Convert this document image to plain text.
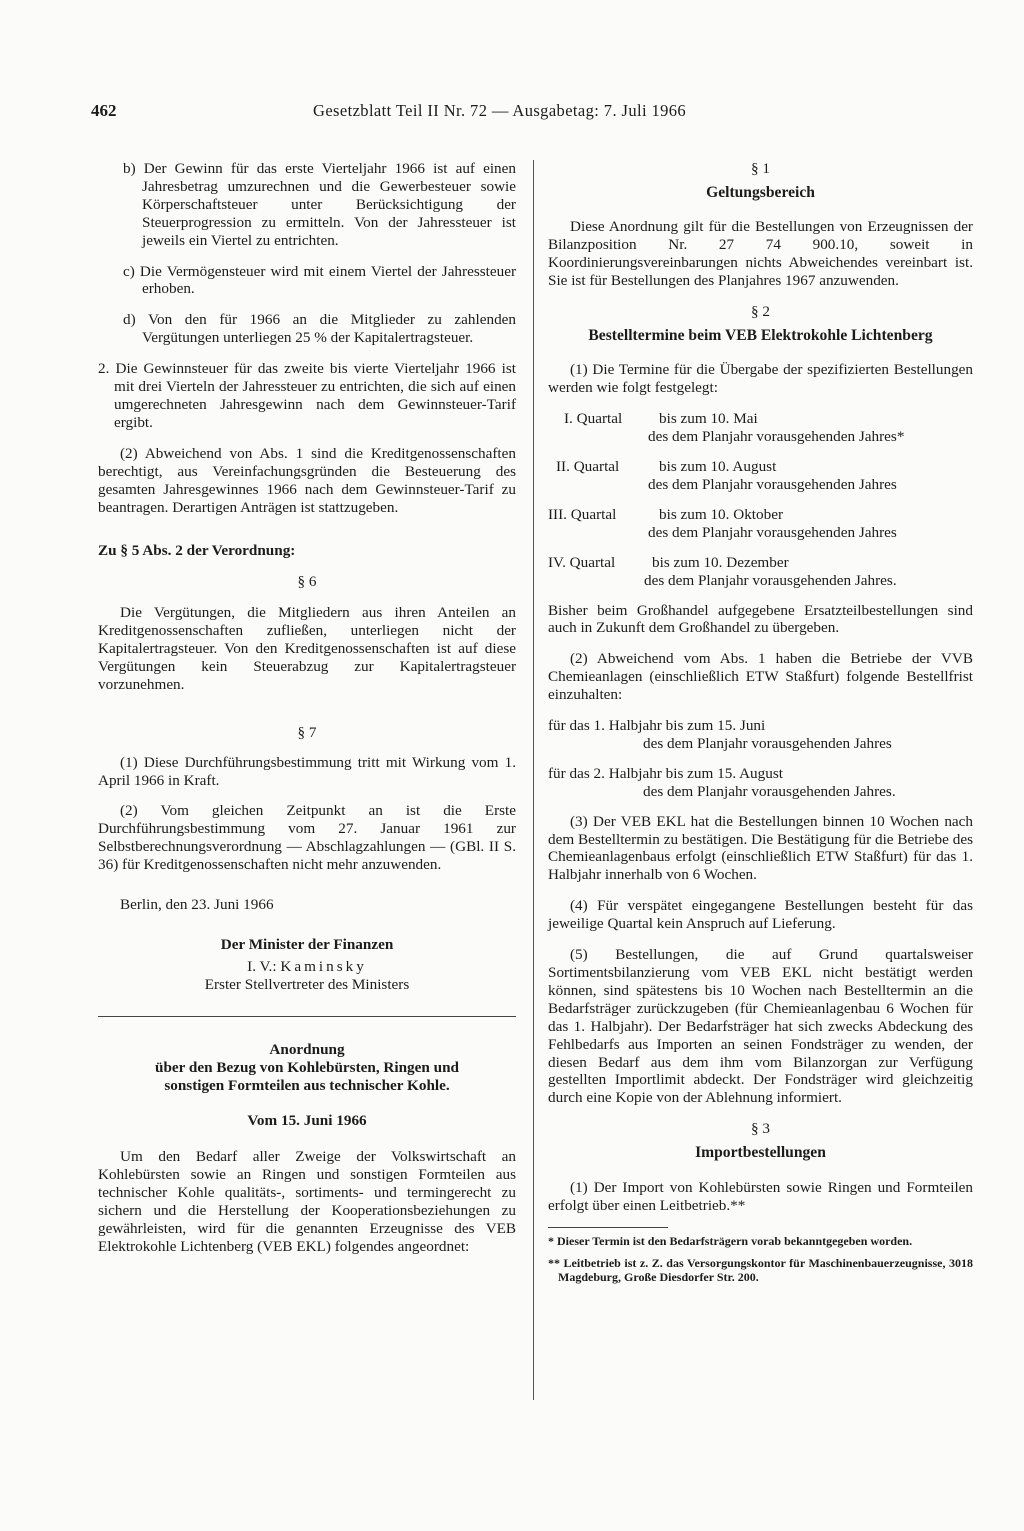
462	Gesetzblatt Teil II Nr. 72 — Ausgabetag: 7. Juli 1966

b) Der Gewinn für das erste Vierteljahr 1966 ist auf einen Jahresbetrag umzurechnen und die Gewerbesteuer sowie Körperschaftsteuer unter Berücksichtigung der Steuerprogression zu ermitteln. Von der Jahressteuer ist jeweils ein Viertel zu entrichten.

c) Die Vermögensteuer wird mit einem Viertel der Jahressteuer erhoben.

d) Von den für 1966 an die Mitglieder zu zahlenden Vergütungen unterliegen 25 % der Kapitalertragsteuer.

2. Die Gewinnsteuer für das zweite bis vierte Vierteljahr 1966 ist mit drei Vierteln der Jahressteuer zu entrichten, die sich auf einen umgerechneten Jahresgewinn nach dem Gewinnsteuer-Tarif ergibt.

(2) Abweichend von Abs. 1 sind die Kreditgenossenschaften berechtigt, aus Vereinfachungsgründen die Besteuerung des gesamten Jahresgewinnes 1966 nach dem Gewinnsteuer-Tarif zu beantragen. Derartigen Anträgen ist stattzugeben.

Zu § 5 Abs. 2 der Verordnung:

§ 6

Die Vergütungen, die Mitgliedern aus ihren Anteilen an Kreditgenossenschaften zufließen, unterliegen nicht der Kapitalertragsteuer. Von den Kreditgenossenschaften ist auf diese Vergütungen kein Steuerabzug zur Kapitalertragsteuer vorzunehmen.

§ 7

(1) Diese Durchführungsbestimmung tritt mit Wirkung vom 1. April 1966 in Kraft.

(2) Vom gleichen Zeitpunkt an ist die Erste Durchführungsbestimmung vom 27. Januar 1961 zur Selbstberechnungsverordnung — Abschlagzahlungen — (GBl. II S. 36) für Kreditgenossenschaften nicht mehr anzuwenden.

Berlin, den 23. Juni 1966

Der Minister der Finanzen

I. V.: Kaminsky

Erster Stellvertreter des Ministers

Anordnung

über den Bezug von Kohlebürsten, Ringen und

sonstigen Formteilen aus technischer Kohle.

Vom 15. Juni 1966

Um den Bedarf aller Zweige der Volkswirtschaft an Kohlebürsten sowie an Ringen und sonstigen Formteilen aus technischer Kohle qualitäts-, sortiments- und termingerecht zu sichern und die Herstellung der Kooperationsbeziehungen zu gewährleisten, wird für die genannten Erzeugnisse des VEB Elektrokohle Lichtenberg (VEB EKL) folgendes angeordnet:

§ 1

Geltungsbereich

Diese Anordnung gilt für die Bestellungen von Erzeugnissen der Bilanzposition Nr. 27 74 900.10, soweit in Koordinierungsvereinbarungen nichts Abweichendes vereinbart ist. Sie ist für Bestellungen des Planjahres 1967 anzuwenden.

§ 2

Bestelltermine beim VEB Elektrokohle Lichtenberg

(1) Die Termine für die Übergabe der spezifizierten Bestellungen werden wie folgt festgelegt:

I. Quartal	bis zum 10. Mai
des dem Planjahr vorausgehenden Jahres*
II. Quartal	bis zum 10. August
des dem Planjahr vorausgehenden Jahres
III. Quartal	bis zum 10. Oktober
des dem Planjahr vorausgehenden Jahres
IV. Quartal	bis zum 10. Dezember
des dem Planjahr vorausgehenden Jahres.

Bisher beim Großhandel aufgegebene Ersatzteilbestellungen sind auch in Zukunft dem Großhandel zu übergeben.

(2) Abweichend vom Abs. 1 haben die Betriebe der VVB Chemieanlagen (einschließlich ETW Staßfurt) folgende Bestellfrist einzuhalten:

für das 1. Halbjahr bis zum 15. Juni
des dem Planjahr vorausgehenden Jahres
für das 2. Halbjahr bis zum 15. August
des dem Planjahr vorausgehenden Jahres.

(3) Der VEB EKL hat die Bestellungen binnen 10 Wochen nach dem Bestelltermin zu bestätigen. Die Bestätigung für die Betriebe des Chemieanlagenbaus erfolgt (einschließlich ETW Staßfurt) für das 1. Halbjahr innerhalb von 6 Wochen.

(4) Für verspätet eingegangene Bestellungen besteht für das jeweilige Quartal kein Anspruch auf Lieferung.

(5) Bestellungen, die auf Grund quartalsweiser Sortimentsbilanzierung vom VEB EKL nicht bestätigt werden können, sind spätestens bis 10 Wochen nach Bestelltermin an die Bedarfsträger zurückzugeben (für Chemieanlagenbau 6 Wochen für das 1. Halbjahr). Der Bedarfsträger hat sich zwecks Abdeckung des Fehlbedarfs aus Importen an seinen Fondsträger zu wenden, der diesen Bedarf aus dem ihm vom Bilanzorgan zur Verfügung gestellten Importlimit abdeckt. Der Fondsträger wird gleichzeitig durch eine Kopie von der Ablehnung informiert.

§ 3

Importbestellungen

(1) Der Import von Kohlebürsten sowie Ringen und Formteilen erfolgt über einen Leitbetrieb.**

* Dieser Termin ist den Bedarfsträgern vorab bekanntgegeben worden.

** Leitbetrieb ist z. Z. das Versorgungskontor für Maschinenbauerzeugnisse, 3018 Magdeburg, Große Diesdorfer Str. 200.
